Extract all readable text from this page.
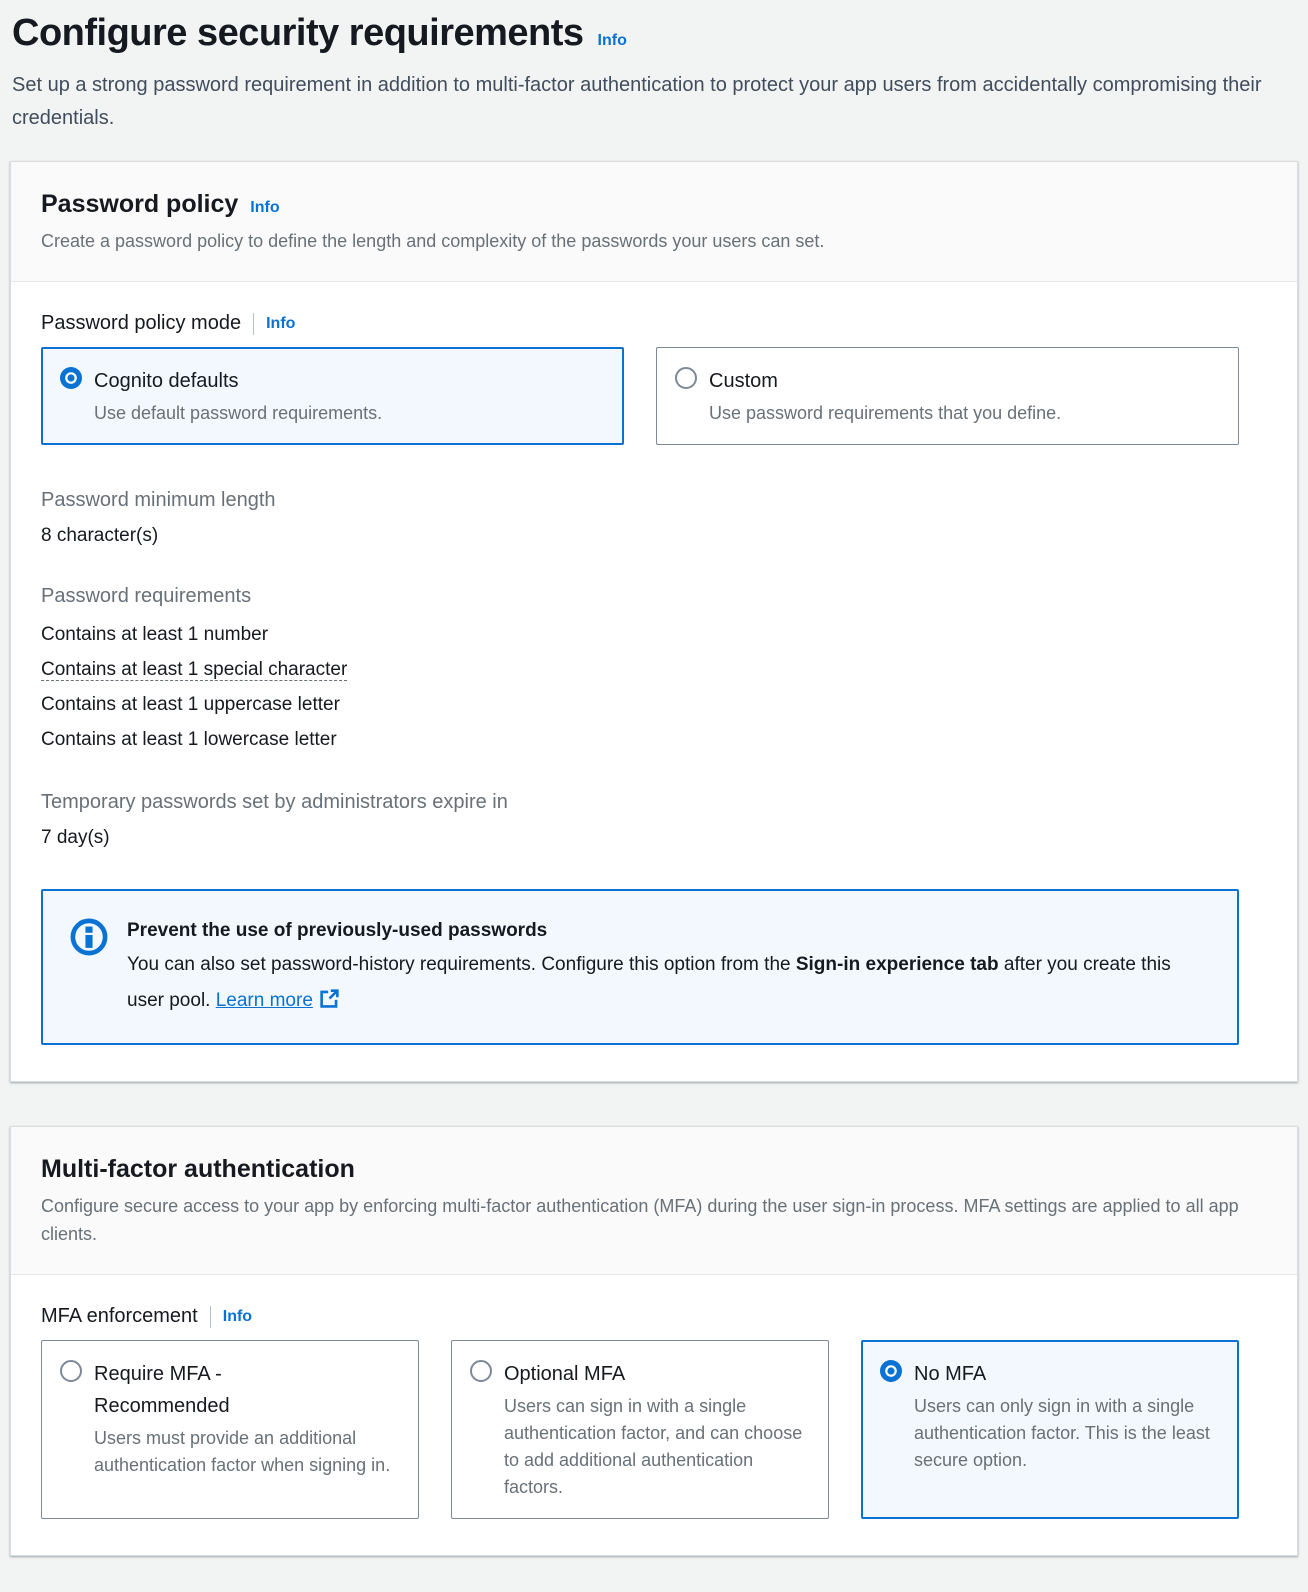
Configure security requirements Info
Set up a strong password requirement in addition to multi-factor authentication to protect your app users from accidentally compromising their credentials.
Password policy Info
Create a password policy to define the length and complexity of the passwords your users can set.
Password policy mode Info
Cognito defaults
Use default password requirements.
Custom
Use password requirements that you define.
Password minimum length
8 character(s)
Password requirements
Contains at least 1 number
Contains at least 1 special character
Contains at least 1 uppercase letter
Contains at least 1 lowercase letter
Temporary passwords set by administrators expire in
7 day(s)
Prevent the use of previously-used passwords
You can also set password-history requirements. Configure this option from the Sign-in experience tab after you create this user pool. Learn more
Multi-factor authentication
Configure secure access to your app by enforcing multi-factor authentication (MFA) during the user sign-in process. MFA settings are applied to all app clients.
MFA enforcement Info
Require MFA - Recommended
Users must provide an additional authentication factor when signing in.
Optional MFA
Users can sign in with a single authentication factor, and can choose to add additional authentication factors.
No MFA
Users can only sign in with a single authentication factor. This is the least secure option.
